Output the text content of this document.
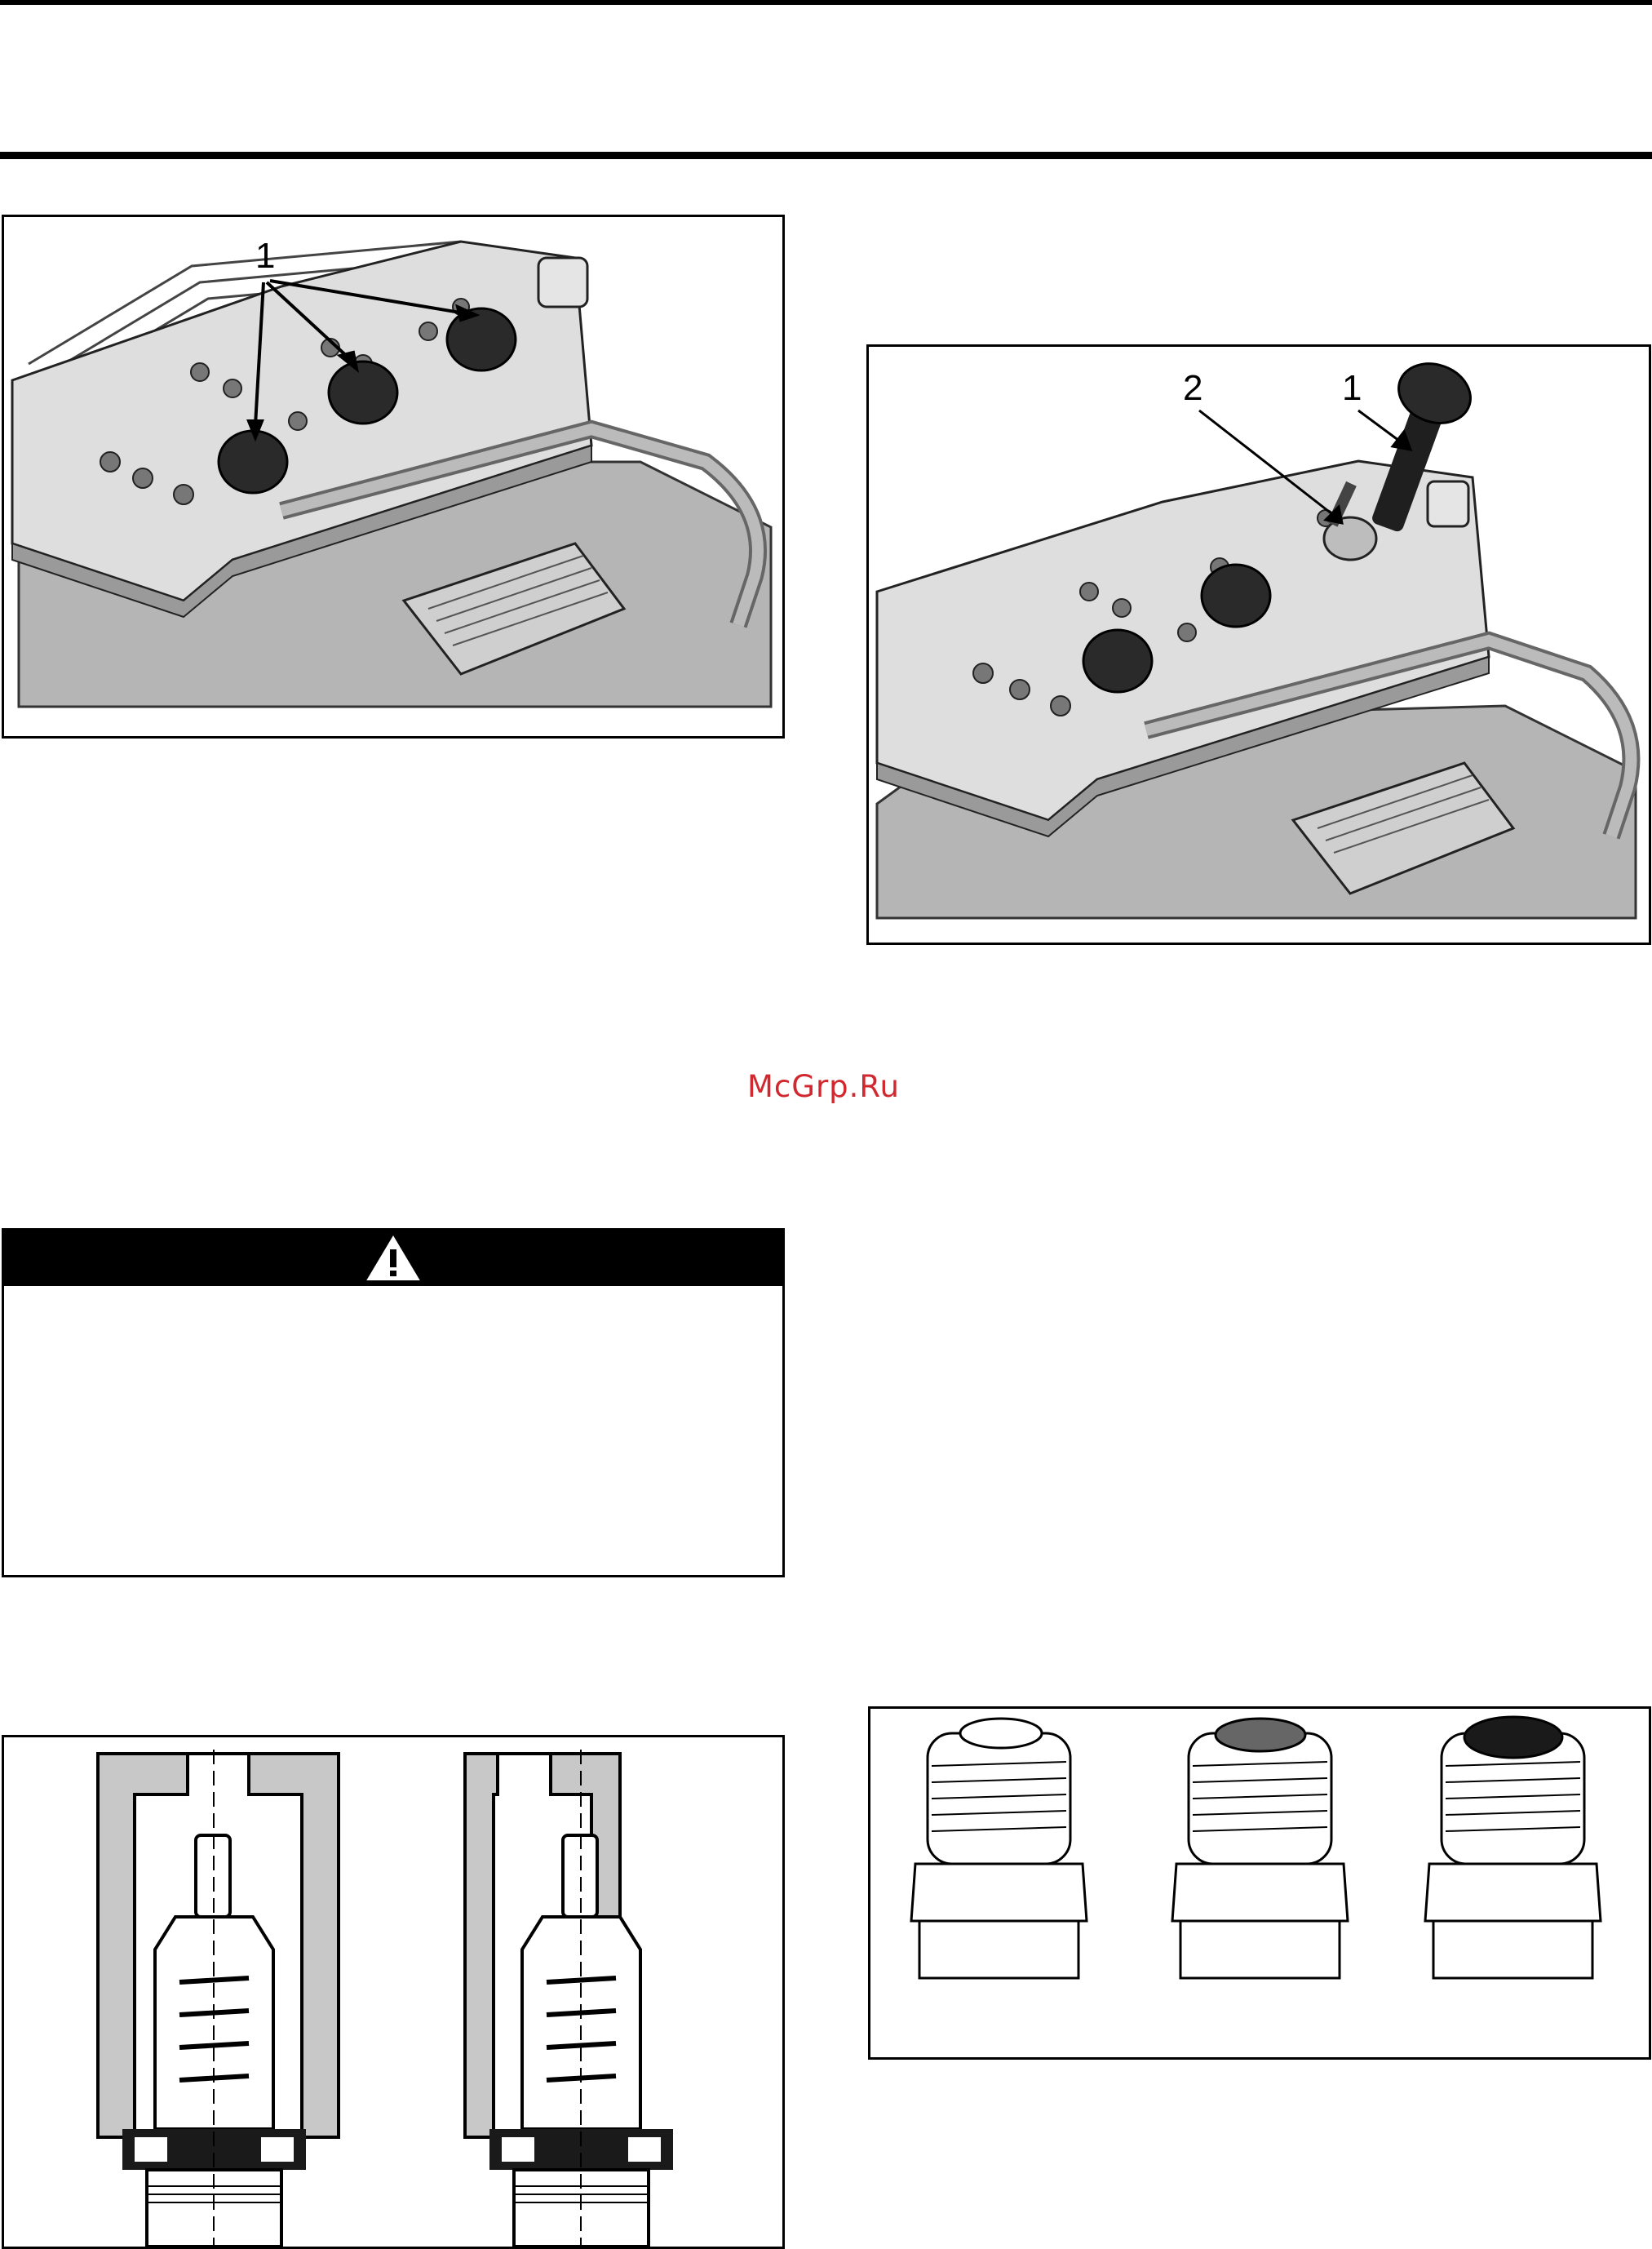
1
2	1
McGrp.Ru
